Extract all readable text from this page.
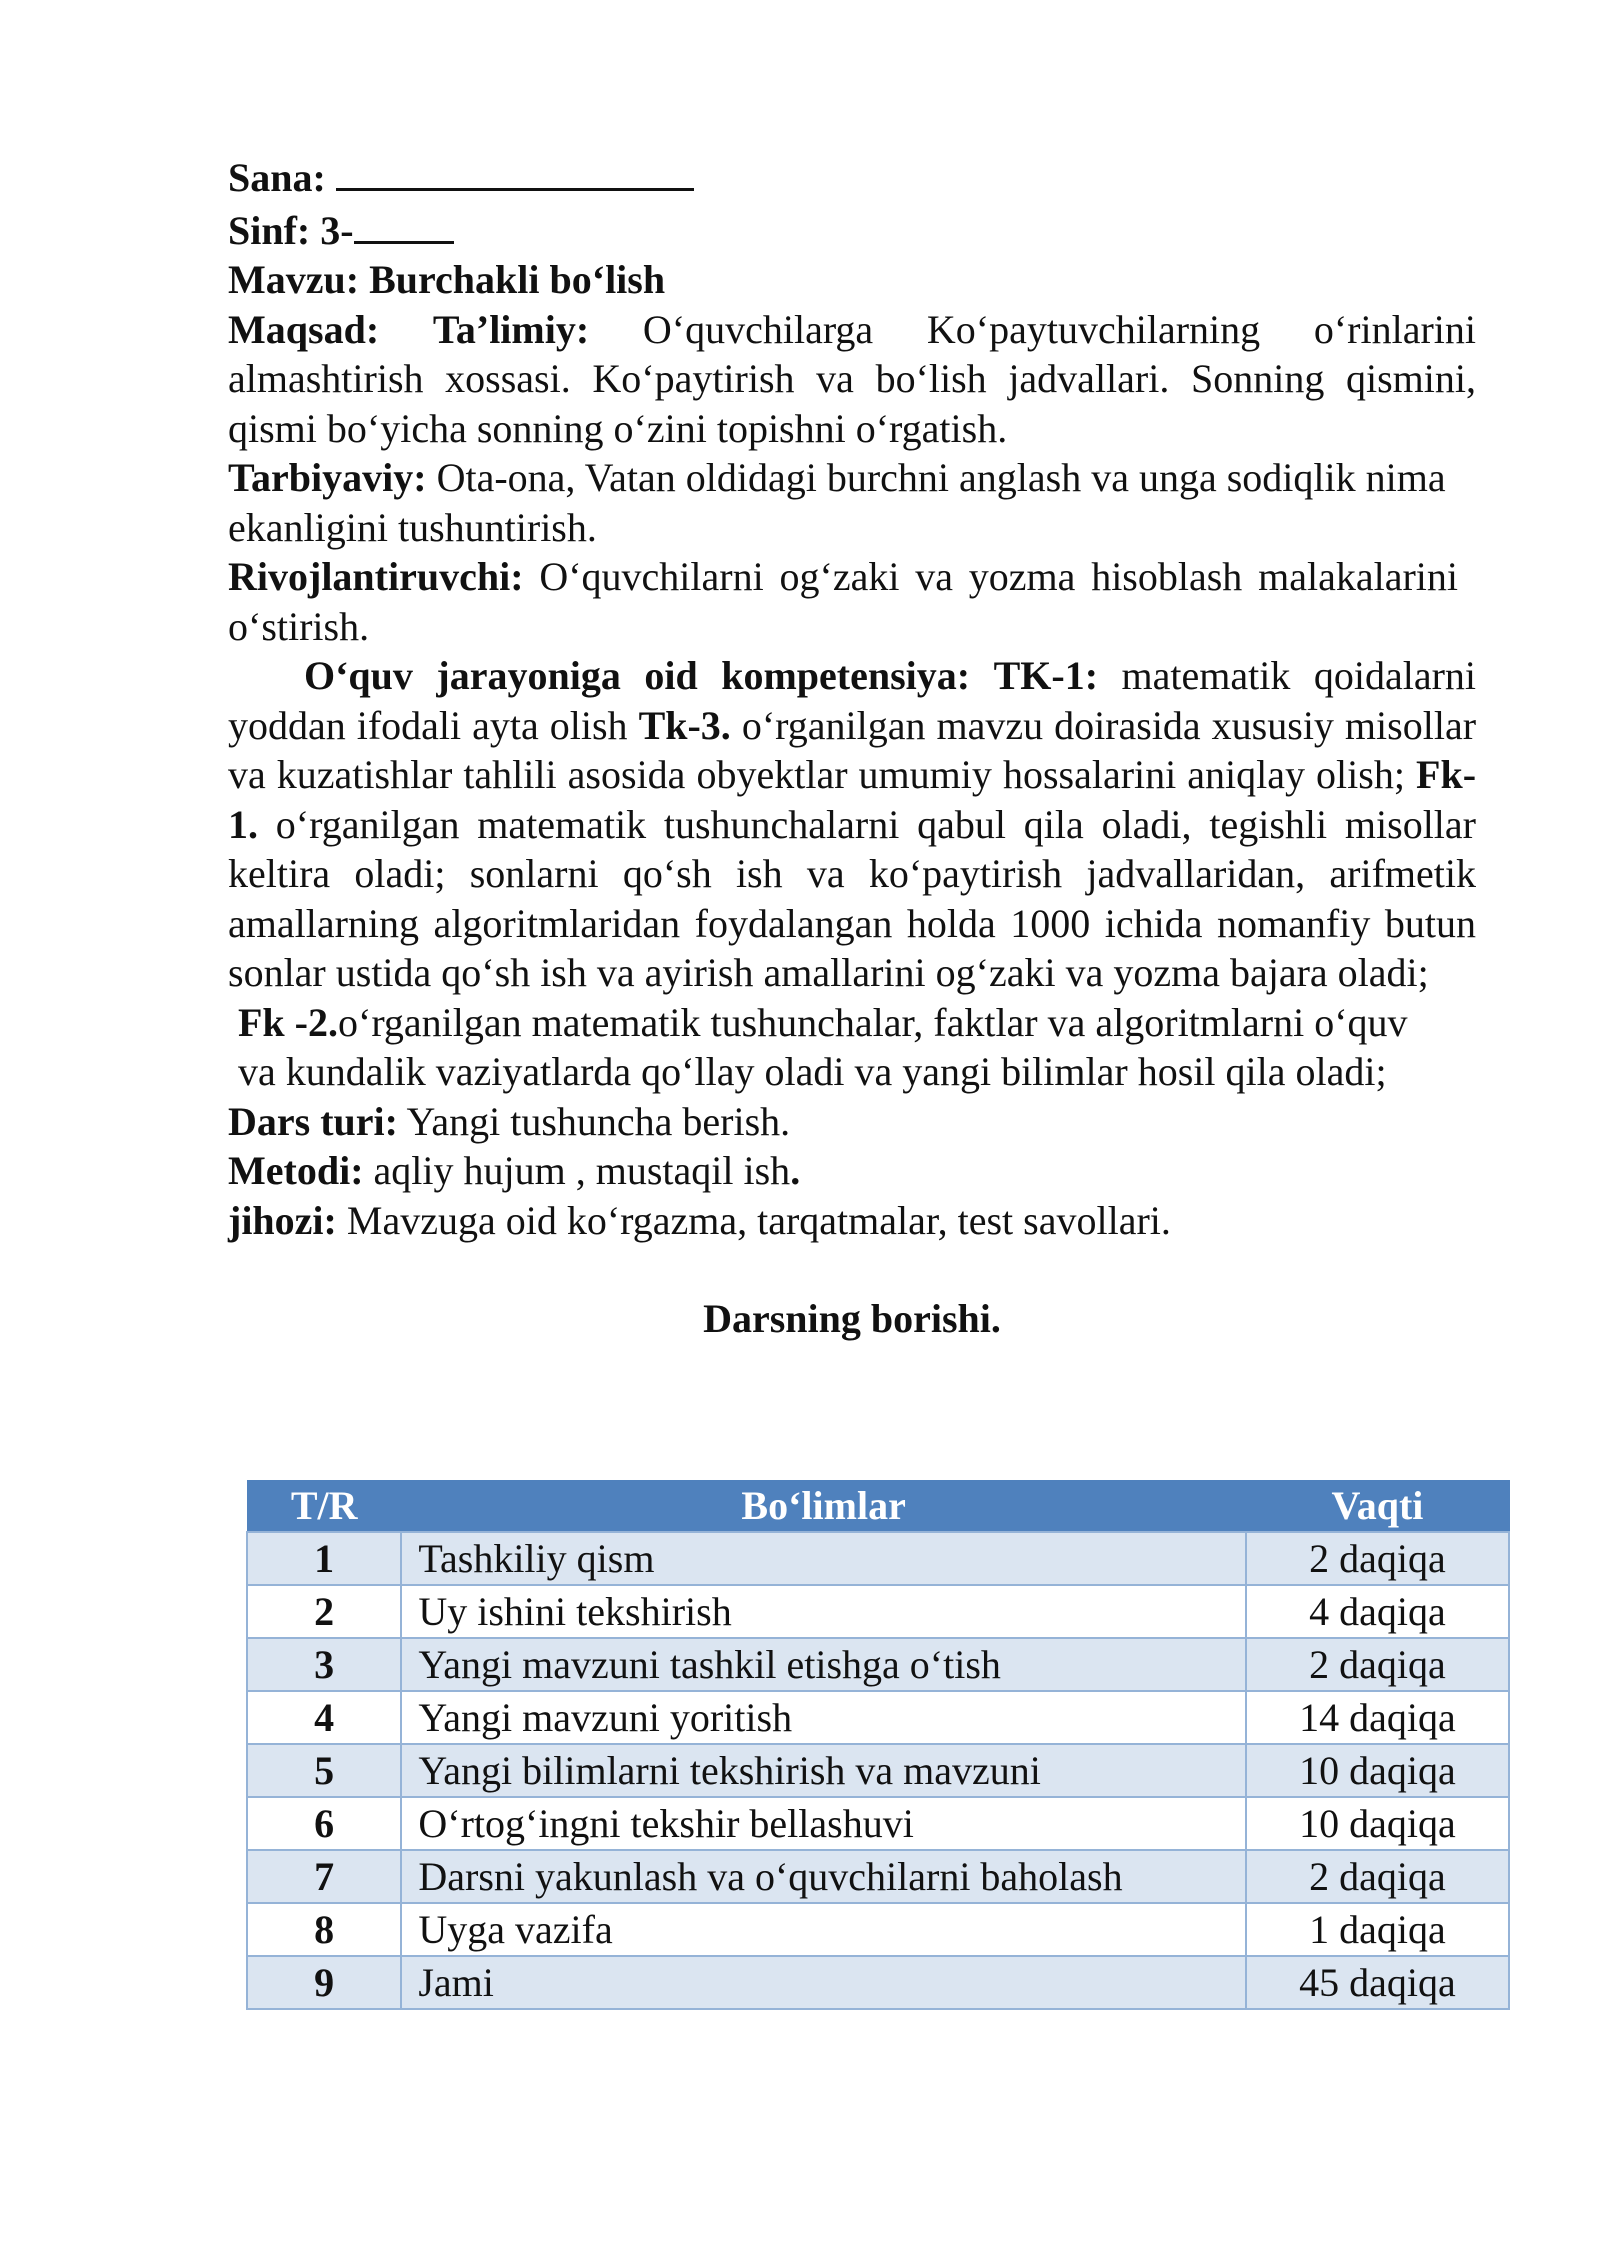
Sana:

Sinf: 3-

Mavzu: Burchakli bo‘lish

Maqsad: Ta’limiy: O‘quvchilarga Ko‘paytuvchilarning o‘rinlarini almashtirish xossasi. Ko‘paytirish va bo‘lish jadvallari. Sonning qismini, qismi bo‘yicha sonning o‘zini topishni o‘rgatish.

Tarbiyaviy: Ota-ona, Vatan oldidagi burchni anglash va unga sodiqlik nima ekanligini tushuntirish.

Rivojlantiruvchi: O‘quvchilarni og‘zaki va yozma hisoblash malakalarini o‘stirish.

O‘quv jarayoniga oid kompetensiya: TK-1: matematik qoidalarni yoddan ifodali ayta olish Tk-3. o‘rganilgan mavzu doirasida xususiy misollar va kuzatishlar tahlili asosida obyektlar umumiy hossalarini aniqlay olish; Fk-1. o‘rganilgan matematik tushunchalarni qabul qila oladi, tegishli misollar keltira oladi; sonlarni qo‘sh ish va ko‘paytirish jadvallaridan, arifmetik amallarning algoritmlaridan foydalangan holda 1000 ichida nomanfiy butun sonlar ustida qo‘sh ish va ayirish amallarini og‘zaki va yozma bajara oladi;

Fk -2.o‘rganilgan matematik tushunchalar, faktlar va algoritmlarni o‘quv va kundalik vaziyatlarda qo‘llay oladi va yangi bilimlar hosil qila oladi;

Dars turi: Yangi tushuncha berish.

Metodi: aqliy hujum , mustaqil ish.

jihozi: Mavzuga oid ko‘rgazma, tarqatmalar, test savollari.

Darsning borishi.

T/R	Bo‘limlar	Vaqti
1	Tashkiliy qism	2 daqiqa
2	Uy ishini tekshirish	4 daqiqa
3	Yangi mavzuni tashkil etishga o‘tish	2 daqiqa
4	Yangi mavzuni yoritish	14 daqiqa
5	Yangi bilimlarni tekshirish va mavzuni	10 daqiqa
6	O‘rtog‘ingni tekshir bellashuvi	10 daqiqa
7	Darsni yakunlash va o‘quvchilarni baholash	2 daqiqa
8	Uyga vazifa	1 daqiqa
9	Jami	45 daqiqa
